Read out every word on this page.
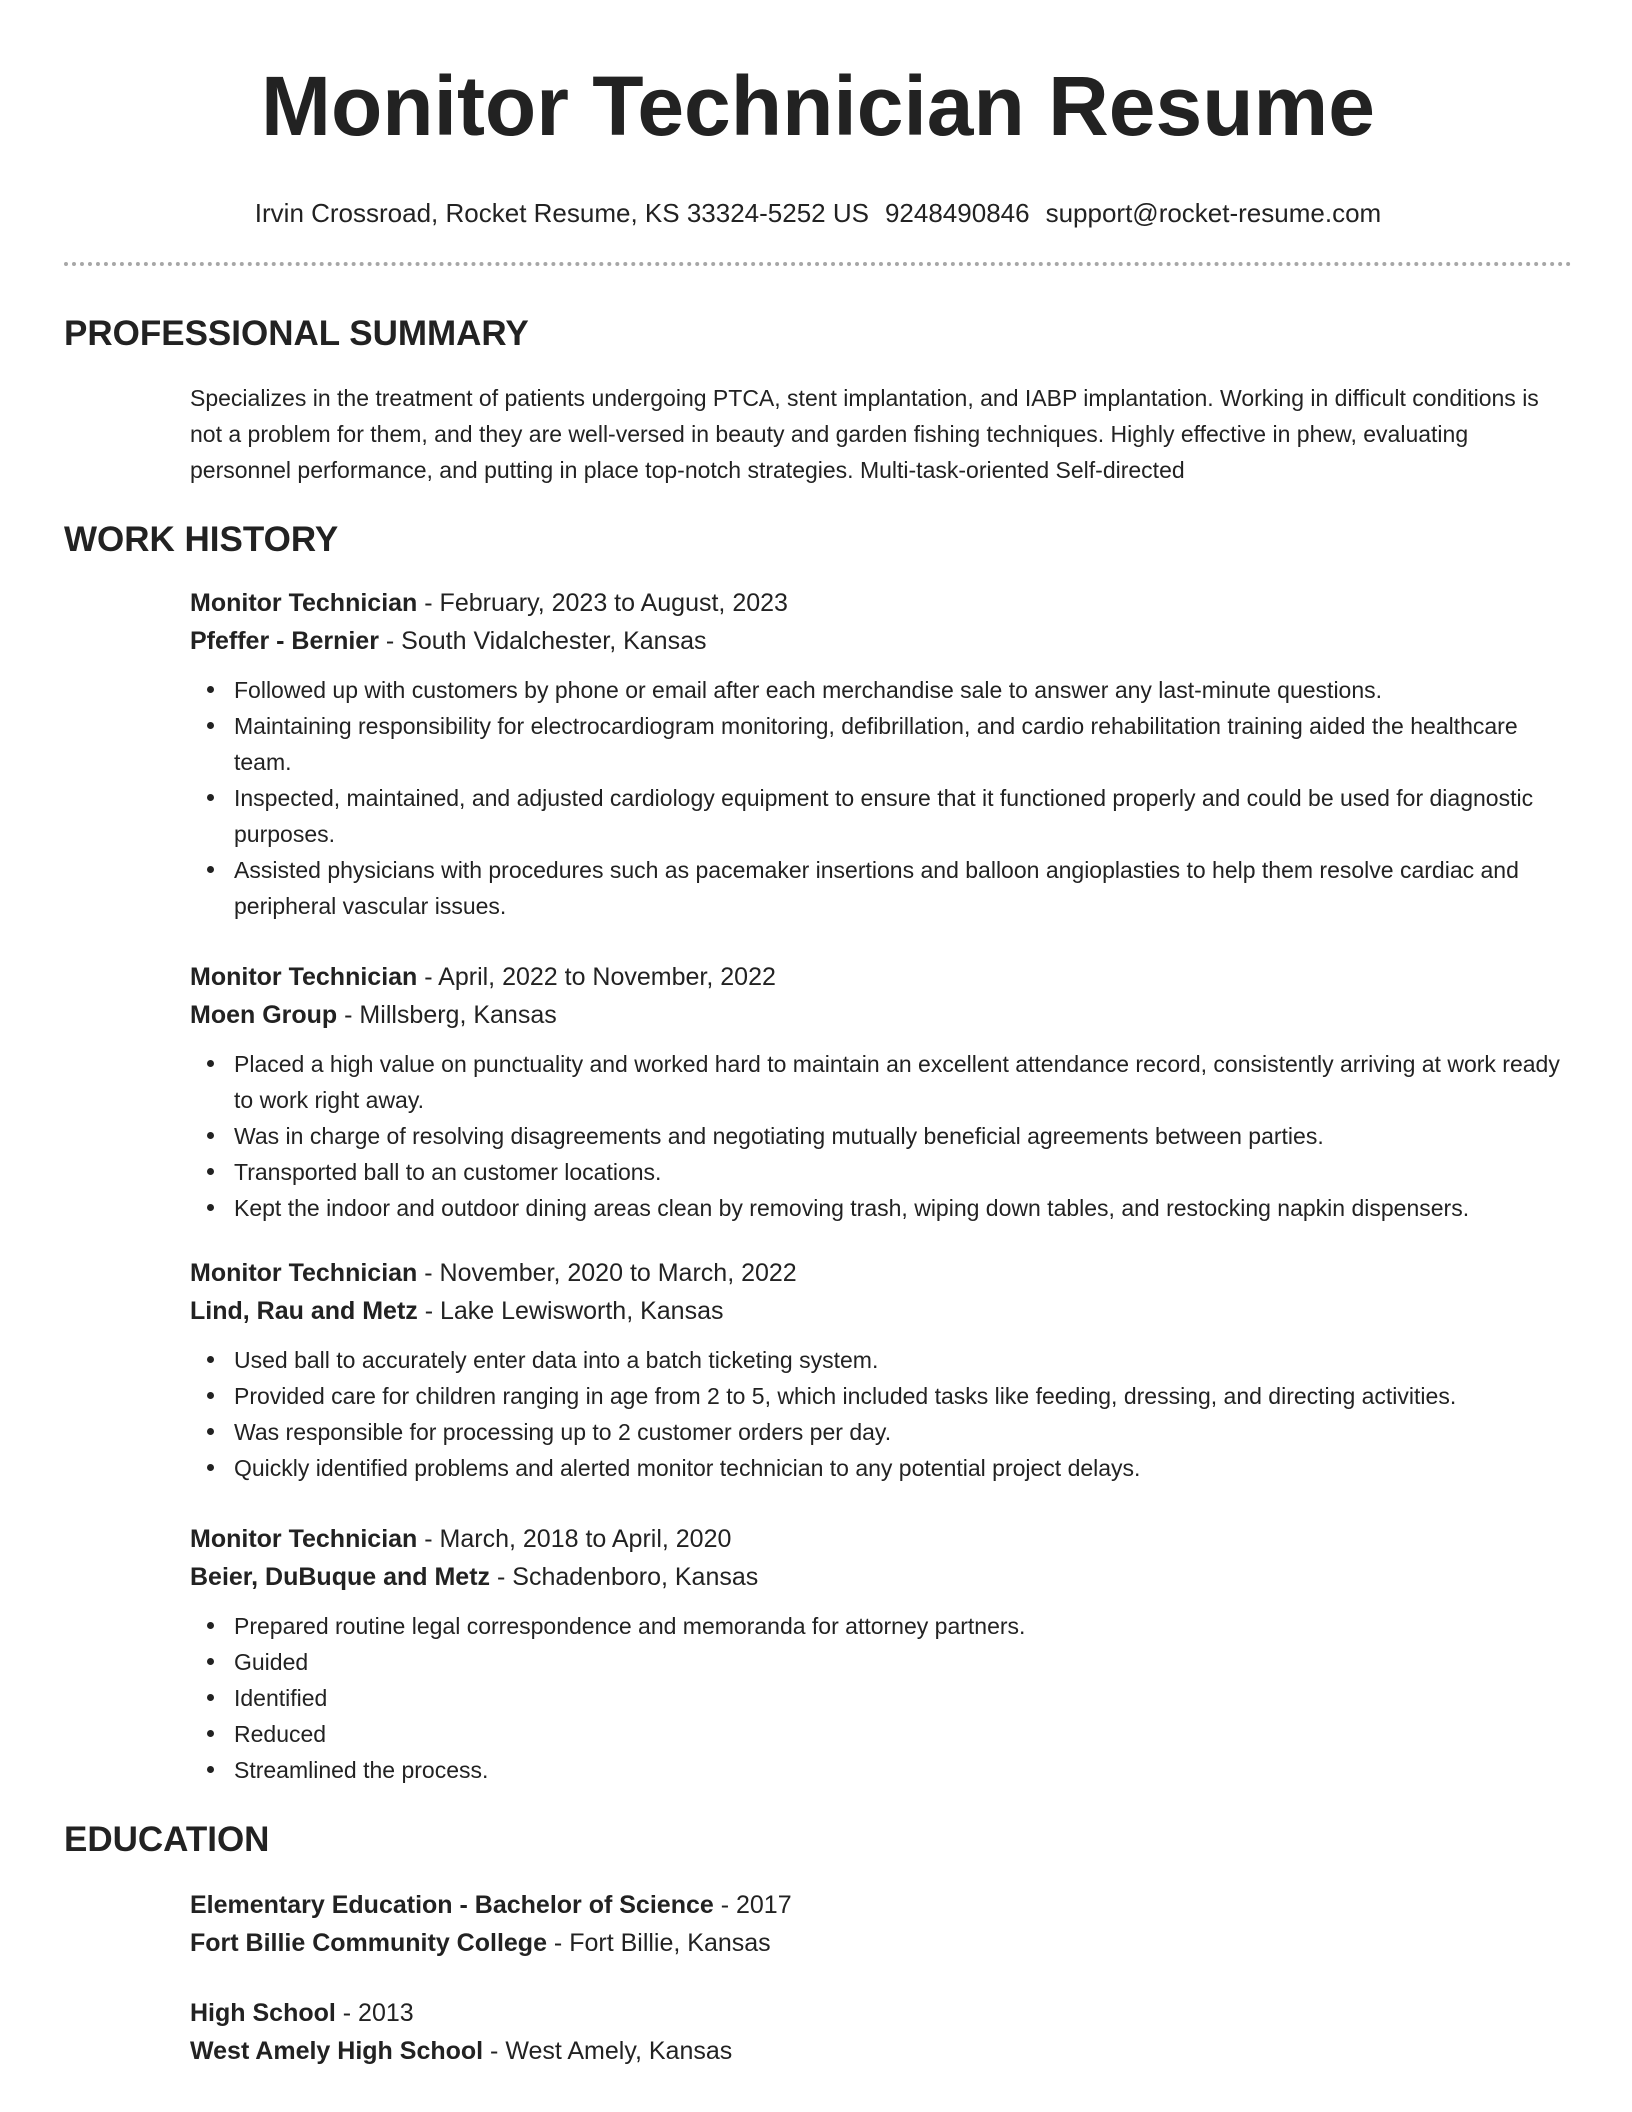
Monitor Technician Resume
Irvin Crossroad, Rocket Resume, KS 33324-5252 US 9248490846 support@rocket-resume.com
PROFESSIONAL SUMMARY

Specializes in the treatment of patients undergoing PTCA, stent implantation, and IABP implantation. Working in difficult conditions is not a problem for them, and they are well-versed in beauty and garden fishing techniques. Highly effective in phew, evaluating personnel performance, and putting in place top-notch strategies. Multi-task-oriented Self-directed

WORK HISTORY
Monitor Technician - February, 2023 to August, 2023
Pfeffer - Bernier - South Vidalchester, Kansas
Followed up with customers by phone or email after each merchandise sale to answer any last-minute questions.
Maintaining responsibility for electrocardiogram monitoring, defibrillation, and cardio rehabilitation training aided the healthcare team.
Inspected, maintained, and adjusted cardiology equipment to ensure that it functioned properly and could be used for diagnostic purposes.
Assisted physicians with procedures such as pacemaker insertions and balloon angioplasties to help them resolve cardiac and peripheral vascular issues.
Monitor Technician - April, 2022 to November, 2022
Moen Group - Millsberg, Kansas
Placed a high value on punctuality and worked hard to maintain an excellent attendance record, consistently arriving at work ready to work right away.
Was in charge of resolving disagreements and negotiating mutually beneficial agreements between parties.
Transported ball to an customer locations.
Kept the indoor and outdoor dining areas clean by removing trash, wiping down tables, and restocking napkin dispensers.
Monitor Technician - November, 2020 to March, 2022
Lind, Rau and Metz - Lake Lewisworth, Kansas
Used ball to accurately enter data into a batch ticketing system.
Provided care for children ranging in age from 2 to 5, which included tasks like feeding, dressing, and directing activities.
Was responsible for processing up to 2 customer orders per day.
Quickly identified problems and alerted monitor technician to any potential project delays.
Monitor Technician - March, 2018 to April, 2020
Beier, DuBuque and Metz - Schadenboro, Kansas
Prepared routine legal correspondence and memoranda for attorney partners.
Guided
Identified
Reduced
Streamlined the process.
EDUCATION
Elementary Education - Bachelor of Science - 2017
Fort Billie Community College - Fort Billie, Kansas
High School - 2013
West Amely High School - West Amely, Kansas
